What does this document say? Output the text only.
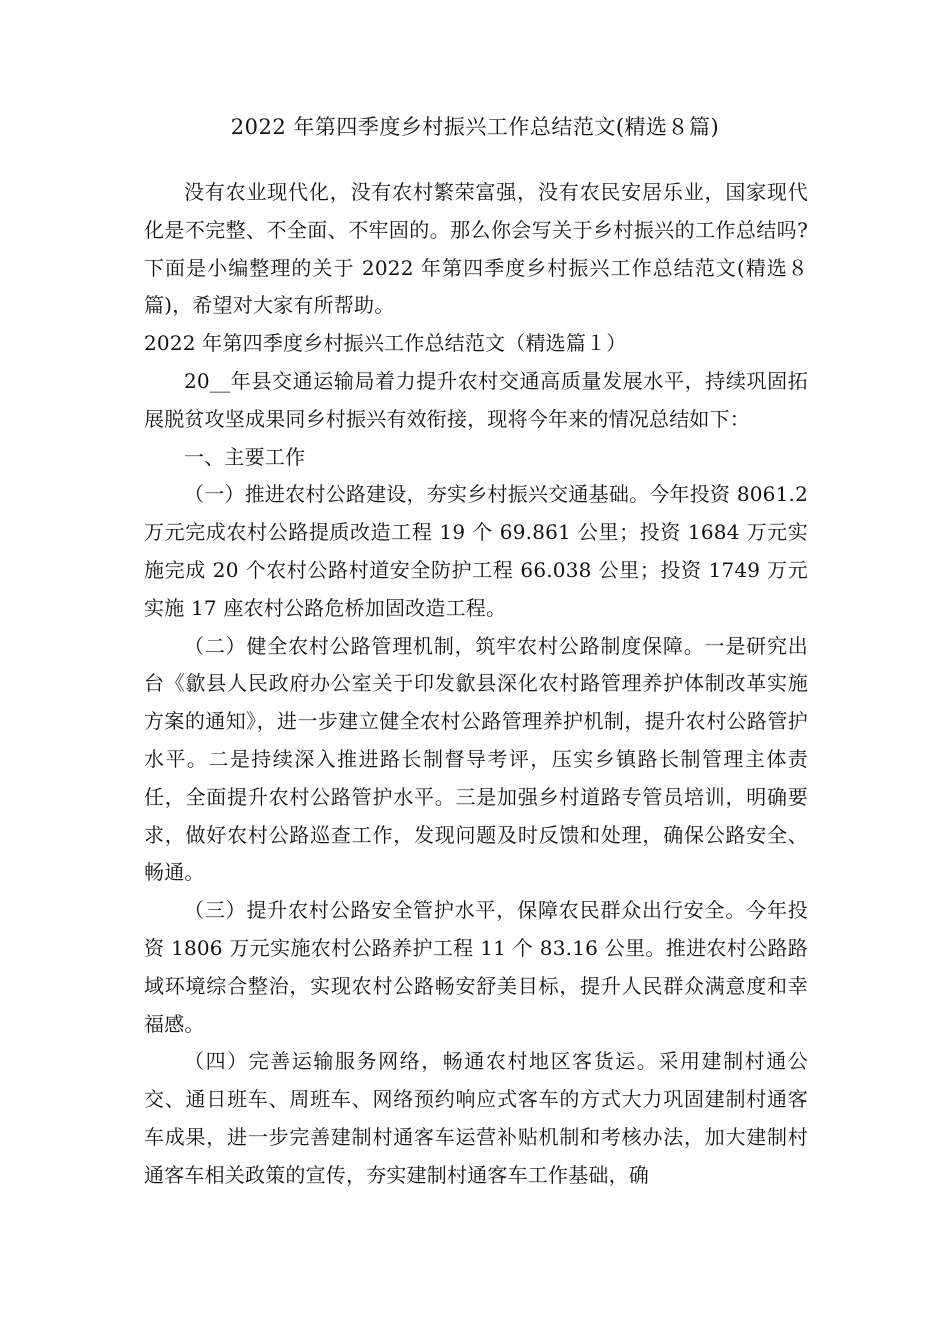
2022 年第四季度乡村振兴工作总结范文(精选８篇)

没有农业现代化，没有农村繁荣富强，没有农民安居乐业，国家现代化是不完整、不全面、不牢固的。那么你会写关于乡村振兴的工作总结吗?下面是小编整理的关于 2022 年第四季度乡村振兴工作总结范文(精选８篇)，希望对大家有所帮助。

2022 年第四季度乡村振兴工作总结范文（精选篇１）

20__年县交通运输局着力提升农村交通高质量发展水平，持续巩固拓展脱贫攻坚成果同乡村振兴有效衔接，现将今年来的情况总结如下：

一、主要工作

（一）推进农村公路建设，夯实乡村振兴交通基础。今年投资 8061.2 万元完成农村公路提质改造工程 19 个 69.861 公里；投资 1684 万元实施完成 20 个农村公路村道安全防护工程 66.038 公里；投资 1749 万元实施 17 座农村公路危桥加固改造工程。

（二）健全农村公路管理机制，筑牢农村公路制度保障。一是研究出台《歙县人民政府办公室关于印发歙县深化农村路管理养护体制改革实施方案的通知》，进一步建立健全农村公路管理养护机制，提升农村公路管护水平。二是持续深入推进路长制督导考评，压实乡镇路长制管理主体责任，全面提升农村公路管护水平。三是加强乡村道路专管员培训，明确要求，做好农村公路巡查工作，发现问题及时反馈和处理，确保公路安全、畅通。

（三）提升农村公路安全管护水平，保障农民群众出行安全。今年投资 1806 万元实施农村公路养护工程 11 个 83.16 公里。推进农村公路路域环境综合整治，实现农村公路畅安舒美目标，提升人民群众满意度和幸福感。

（四）完善运输服务网络，畅通农村地区客货运。采用建制村通公交、通日班车、周班车、网络预约响应式客车的方式大力巩固建制村通客车成果，进一步完善建制村通客车运营补贴机制和考核办法，加大建制村通客车相关政策的宣传，夯实建制村通客车工作基础，确
